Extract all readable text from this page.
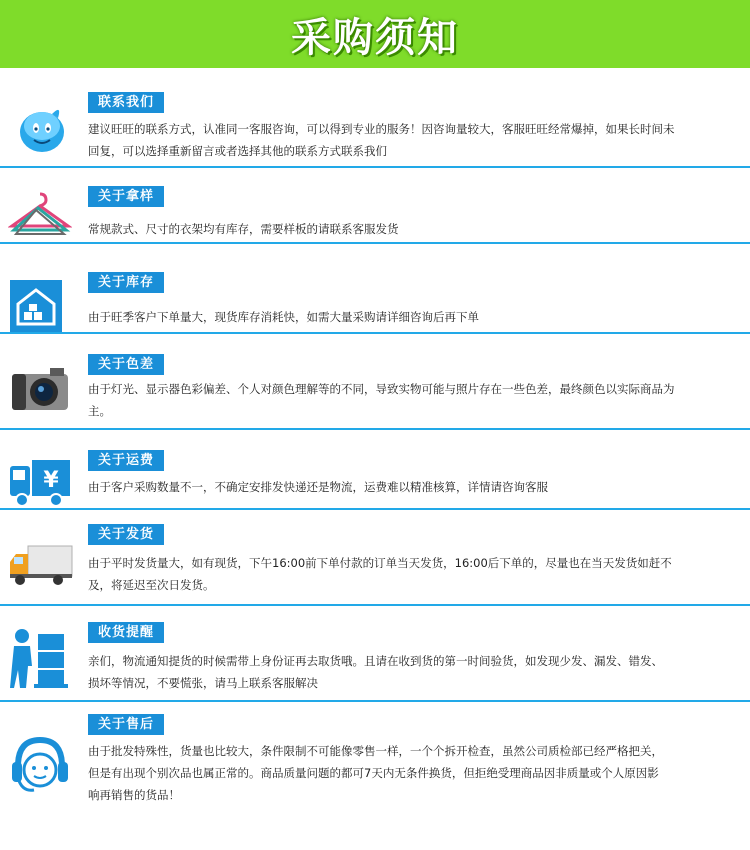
采购须知
联系我们
建议旺旺的联系方式，认准同一客服咨询，可以得到专业的服务！因咨询量较大，客服旺旺经常爆掉，如果长时间未
回复，可以选择重新留言或者选择其他的联系方式联系我们
关于拿样
常规款式、尺寸的衣架均有库存，需要样板的请联系客服发货
关于库存
由于旺季客户下单量大，现货库存消耗快，如需大量采购请详细咨询后再下单
关于色差
由于灯光、显示器色彩偏差、个人对颜色理解等的不同，导致实物可能与照片存在一些色差，最终颜色以实际商品为
主。
¥
关于运费
由于客户采购数量不一，不确定安排发快递还是物流，运费难以精准核算，详情请咨询客服
关于发货
由于平时发货量大，如有现货，下午16:00前下单付款的订单当天发货，16:00后下单的，尽量也在当天发货如赶不
及，将延迟至次日发货。
收货提醒
亲们，物流通知提货的时候需带上身份证再去取货哦。且请在收到货的第一时间验货，如发现少发、漏发、错发、
损坏等情况，不要慌张，请马上联系客服解决
关于售后
由于批发特殊性，货量也比较大，条件限制不可能像零售一样，一个个拆开检查，虽然公司质检部已经严格把关，
但是有出现个别次品也属正常的。商品质量问题的都可7天内无条件换货，但拒绝受理商品因非质量或个人原因影
响再销售的货品！
